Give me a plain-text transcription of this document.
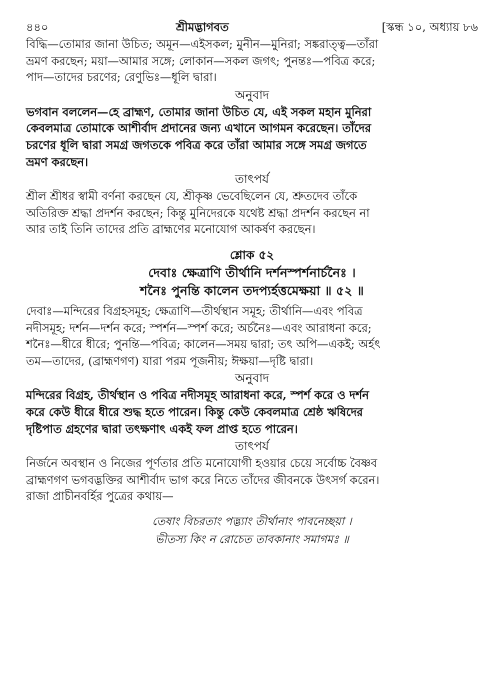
৪৪০	শ্রীমদ্ভাগবত	[স্কন্ধ ১০, অধ্যায় ৮৬

বিদ্ধি—তোমার জানা উচিত; অমূন—এইসকল; মুনীন—মুনিরা; সঙ্করাত্ত্ব—তাঁরা

ভ্রমণ করছেন; ময়া—আমার সঙ্গে; লোকান—সকল জগৎ; পুনন্তঃ—পবিত্র করে;

পাদ—তাদের চরণের; রেণুভিঃ—ধূলি দ্বারা।

অনুবাদ

ভগবান বললেন—হে ব্রাহ্মণ, তোমার জানা উচিত যে, এই সকল মহান মুনিরা

কেবলমাত্র তোমাকে আশীর্বাদ প্রদানের জন্য এখানে আগমন করেছেন। তাঁদের

চরণের ধূলি দ্বারা সমগ্র জগতকে পবিত্র করে তাঁরা আমার সঙ্গে সমগ্র জগতে

ভ্রমণ করছেন।

তাৎপর্য

শ্রীল শ্রীধর স্বামী বর্ণনা করছেন যে, শ্রীকৃষ্ণ ভেবেছিলেন যে, শ্রুতদেব তাঁকে

অতিরিক্ত শ্রদ্ধা প্রদর্শন করছেন; কিন্তু মুনিদেরকে যথেষ্ট শ্রদ্ধা প্রদর্শন করছেন না

আর তাই তিনি তাদের প্রতি ব্রাহ্মণের মনোযোগ আকর্ষণ করছেন।

শ্লোক ৫২

দেবাঃ ক্ষেত্রাণি তীর্থানি দর্শনস্পর্শনার্চনৈঃ ।

শনৈঃ পুনন্তি কালেন তদপ্যর্হত্তমেক্ষয়া ॥ ৫২ ॥

দেবাঃ—মন্দিরের বিগ্রহসমূহ; ক্ষেত্রাণি—তীর্থস্থান সমূহ; তীর্থানি—এবং পবিত্র

নদীসমূহ; দর্শন—দর্শন করে; স্পর্শন—স্পর্শ করে; অর্চনৈঃ—এবং আরাধনা করে;

শনৈঃ—ধীরে ধীরে; পুনন্তি—পবিত্র; কালেন—সময় দ্বারা; তৎ অপি—একই; অর্হৎ

তম—তাদের, (ব্রাহ্মণগণ) যারা পরম পূজনীয়; ঈক্ষয়া—দৃষ্টি দ্বারা।

অনুবাদ

মন্দিরের বিগ্রহ, তীর্থস্থান ও পবিত্র নদীসমূহ আরাধনা করে, স্পর্শ করে ও দর্শন

করে কেউ ধীরে ধীরে শুদ্ধ হতে পারেন। কিন্তু কেউ কেবলমাত্র শ্রেষ্ঠ ঋষিদের

দৃষ্টিপাত গ্রহণের দ্বারা তৎক্ষণাৎ একই ফল প্রাপ্ত হতে পারেন।

তাৎপর্য

নির্জনে অবস্থান ও নিজের পূর্ণতার প্রতি মনোযোগী হওয়ার চেয়ে সর্বোচ্চ বৈষ্ণব

ব্রাহ্মণগণ ভগবদ্ভক্তির আশীর্বাদ ভাগ করে নিতে তাঁদের জীবনকে উৎসর্গ করেন।

রাজা প্রাচীনবর্হির পুত্রের কথায়—

তেষাং বিচরতাং পদ্ভ্যাং তীর্থানাং পাবনেচ্ছয়া ।

ভীতস্য কিং ন রোচেত তাবকানাং সমাগমঃ ॥
